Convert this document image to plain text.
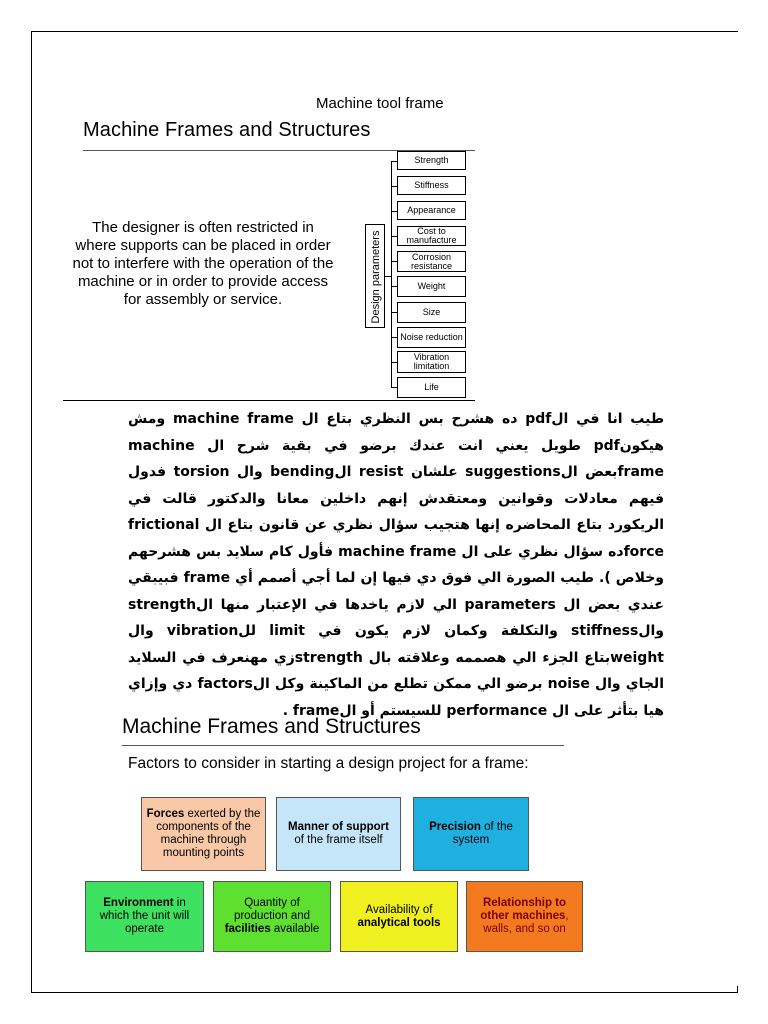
Machine tool frame
Machine Frames and Structures
The designer is often restricted in where supports can be placed in order not to interfere with the operation of the machine or in order to provide access for assembly or service.	Design parameters
Strength
Stiffness
Appearance
Cost to manufacture
Corrosion resistance
Weight
Size
Noise reduction
Vibration limitation
Life
طيب انا في الpdf ده هشرح بس النظري بتاع ال machine frame ومش هيكونpdf طويل يعني انت عندك برضو في بقية شرح ال machine frameبعض الsuggestions علشان resist الbending وال torsion فدول فيهم معادلات وقوانين ومعتقدش إنهم داخلين معانا والدكتور قالت في الريكورد بتاع المحاضره إنها هتجيب سؤال نظري عن قانون بتاع ال frictional forceده سؤال نظري على ال machine frame فأول كام سلايد بس هشرحهم وخلاص ). طيب الصورة الي فوق دي فيها إن لما أجي أصمم أي frame فبيبقي عندي بعض ال parameters الي لازم ياخدها في الإعتبار منها الstrength والstiffness والتكلفة وكمان لازم يكون في limit للvibration وال weightبتاع الجزء الي هصممه وعلاقته بال strengthزي مهنعرف في السلايد الجاي وال noise برضو الي ممكن تطلع من الماكينة وكل الfactors دي وإزاي هيا بتأثر على ال performance للسيستم أو الframe .
Machine Frames and Structures
Factors to consider in starting a design project for a frame:
Forces exerted by the components of the machine through mounting points
Manner of support
of the frame itself
Precision of the system
Environment in which the unit will operate
Quantity of production and facilities available
Availability of
analytical tools
Relationship to other machines, walls, and so on
